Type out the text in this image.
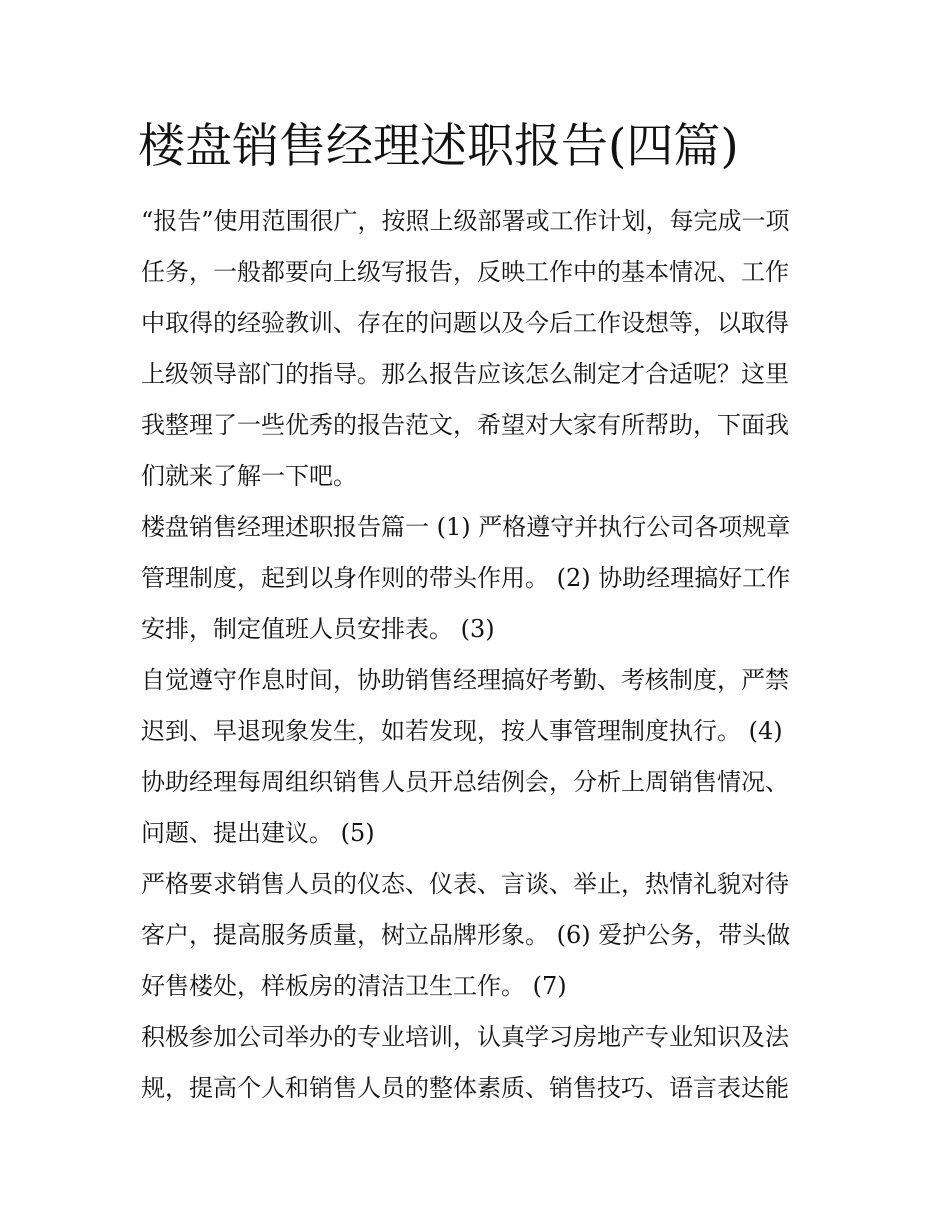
楼盘销售经理述职报告(四篇)

“报告”使用范围很广，按照上级部署或工作计划，每完成一项

任务，一般都要向上级写报告，反映工作中的基本情况、工作

中取得的经验教训、存在的问题以及今后工作设想等，以取得

上级领导部门的指导。那么报告应该怎么制定才合适呢？这里

我整理了一些优秀的报告范文，希望对大家有所帮助，下面我

们就来了解一下吧。

楼盘销售经理述职报告篇一 (1) 严格遵守并执行公司各项规章

管理制度，起到以身作则的带头作用。 (2) 协助经理搞好工作

安排，制定值班人员安排表。 (3)

自觉遵守作息时间，协助销售经理搞好考勤、考核制度，严禁

迟到、早退现象发生，如若发现，按人事管理制度执行。 (4)

协助经理每周组织销售人员开总结例会，分析上周销售情况、

问题、提出建议。 (5)

严格要求销售人员的仪态、仪表、言谈、举止，热情礼貌对待

客户，提高服务质量，树立品牌形象。 (6) 爱护公务，带头做

好售楼处，样板房的清洁卫生工作。 (7)

积极参加公司举办的专业培训，认真学习房地产专业知识及法

规，提高个人和销售人员的整体素质、销售技巧、语言表达能
